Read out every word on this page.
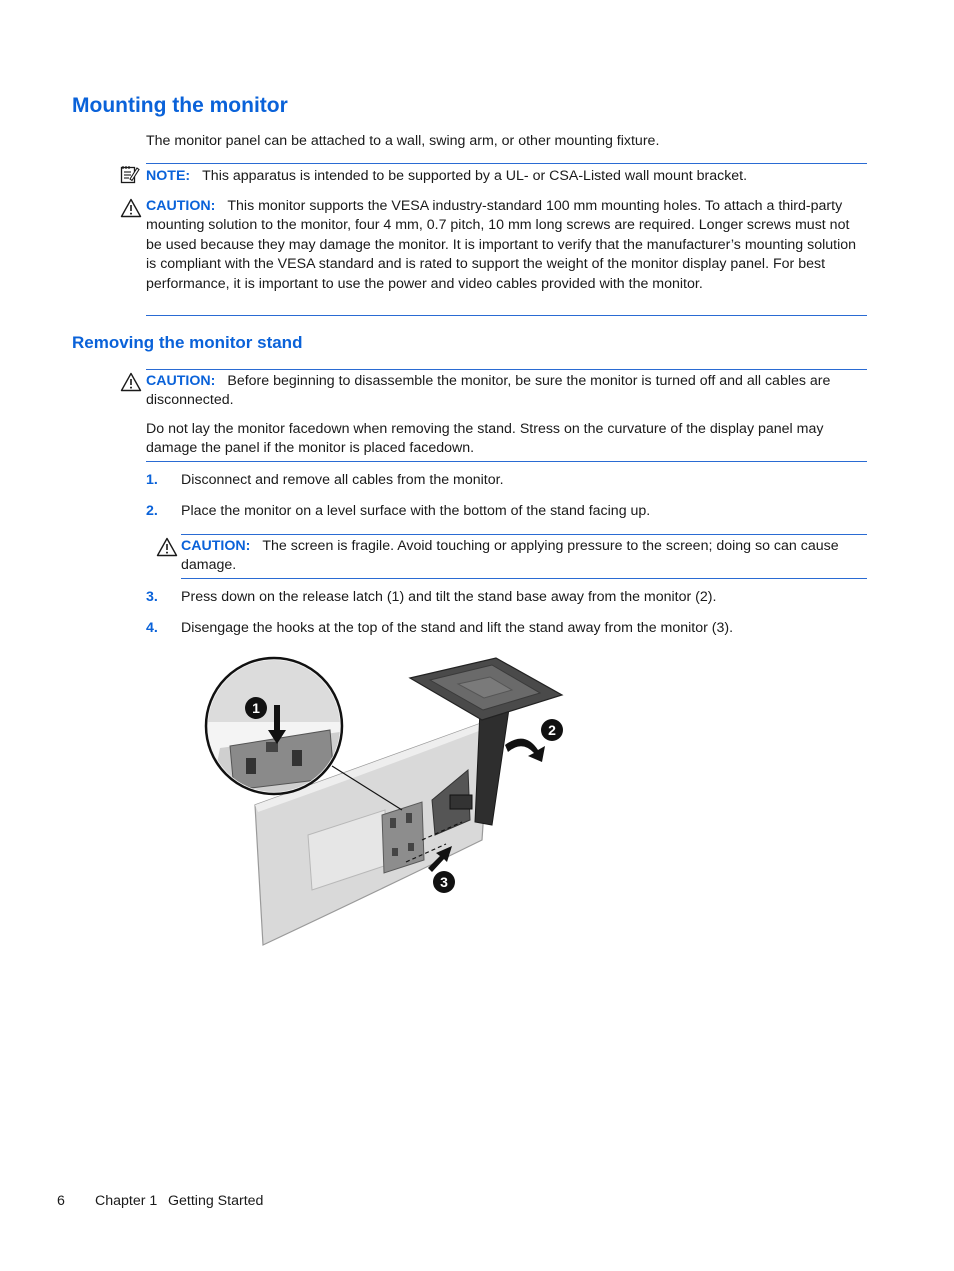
Mounting the monitor
The monitor panel can be attached to a wall, swing arm, or other mounting fixture.
NOTE: This apparatus is intended to be supported by a UL- or CSA-Listed wall mount bracket.
CAUTION: This monitor supports the VESA industry-standard 100 mm mounting holes. To attach a third-party mounting solution to the monitor, four 4 mm, 0.7 pitch, 10 mm long screws are required. Longer screws must not be used because they may damage the monitor. It is important to verify that the manufacturer’s mounting solution is compliant with the VESA standard and is rated to support the weight of the monitor display panel. For best performance, it is important to use the power and video cables provided with the monitor.
Removing the monitor stand
CAUTION: Before beginning to disassemble the monitor, be sure the monitor is turned off and all cables are disconnected.
Do not lay the monitor facedown when removing the stand. Stress on the curvature of the display panel may damage the panel if the monitor is placed facedown.
1. Disconnect and remove all cables from the monitor.
2. Place the monitor on a level surface with the bottom of the stand facing up.
CAUTION: The screen is fragile. Avoid touching or applying pressure to the screen; doing so can cause damage.
3. Press down on the release latch (1) and tilt the stand base away from the monitor (2).
4. Disengage the hooks at the top of the stand and lift the stand away from the monitor (3).
1
2
3
6 Chapter 1 Getting Started
